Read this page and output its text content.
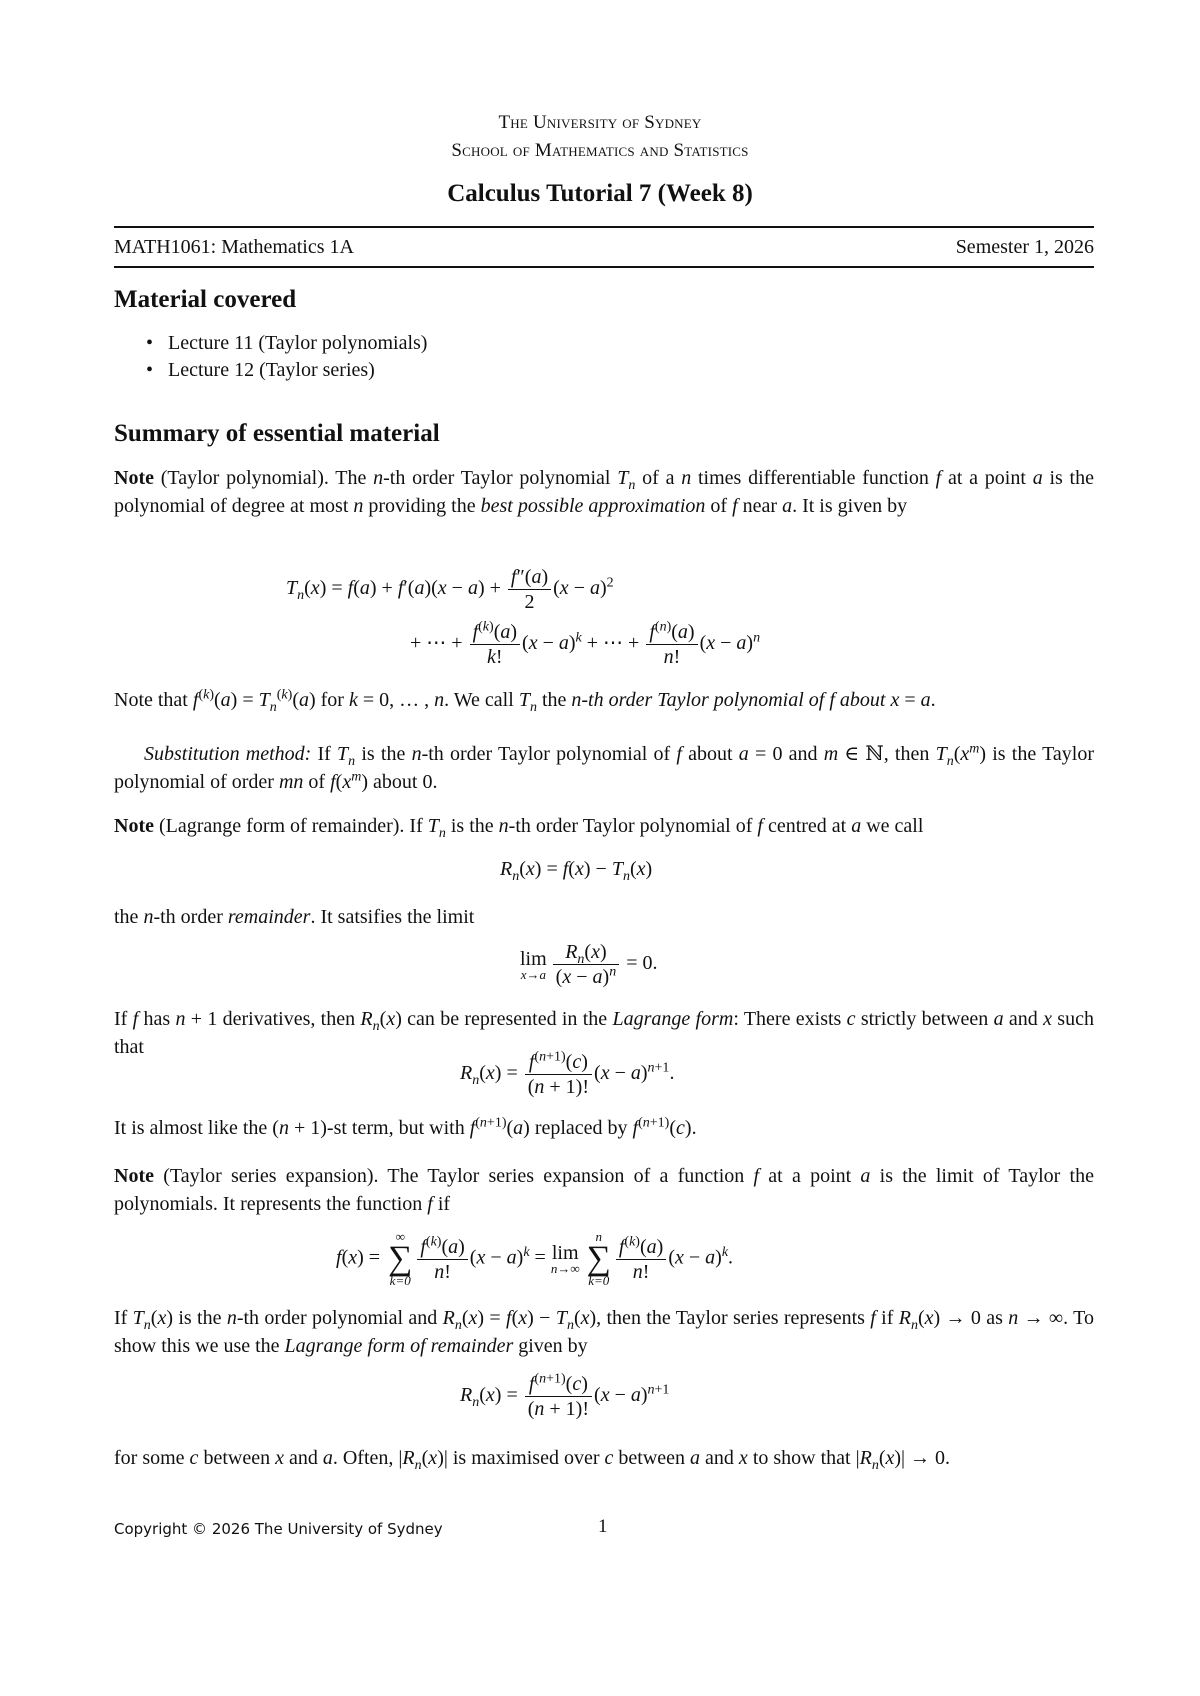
The University of Sydney
School of Mathematics and Statistics
Calculus Tutorial 7 (Week 8)
MATH1061: Mathematics 1A	Semester 1, 2026
Material covered
• Lecture 11 (Taylor polynomials)
• Lecture 12 (Taylor series)
Summary of essential material
Note (Taylor polynomial). The n-th order Taylor polynomial $T_n$ of a n times differentiable function f at a point a is the polynomial of degree at most n providing the best possible approximation of f near a. It is given by
$T_n(x) = f(a) + f'(a)(x - a) + \frac{f''(a)}{2} (x - a)^2$
+ ⋯ + $\frac{f^{(k)}(a)}{k!} (x - a)^k$ + ⋯ + $\frac{f^{(n)}(a)}{n!} (x - a)^n$
Note that $f^{(k)}(a) = T_n^{(k)}(a)$ for k = 0, … , n. We call $T_n$ the n-th order Taylor polynomial of f about x = a.
Substitution method: If $T_n$ is the n-th order Taylor polynomial of f about a = 0 and m ∈ ℕ, then $T_n(x^m)$ is the Taylor polynomial of order mn of $f(x^m)$ about 0.
Note (Lagrange form of remainder). If $T_n$ is the n-th order Taylor polynomial of f centred at a we call
$R_n(x) = f(x) - T_n(x)$
the n-th order remainder. It satsifies the limit
lim
$x\to a \frac{R_n(x)}{(x - a)^n} = 0$.
If f has n + 1 derivatives, then $R_n(x)$ can be represented in the Lagrange form: There exists c strictly between a and x such that
$R_n(x) = \frac{f^{(n+1)}(c)}{(n + 1)!} (x - a)^{n+1}$.
It is almost like the (n + 1)-st term, but with $f^{(n+1)}(a)$ replaced by $f^{(n+1)}(c)$.
Note (Taylor series expansion). The Taylor series expansion of a function f at a point a is the limit of Taylor the polynomials. It represents the function f if
f(x) =
∞
∑
$k=0 \frac{f^{(k)}(a)}{n!} (x - a)^k = \lim$
n→∞
n
∑
$k=0 \frac{f^{(k)}(a)}{n!} (x - a)^k$.
If $T_n(x)$ is the n-th order polynomial and $R_n(x) = f(x) - T_n(x)$, then the Taylor series represents f if $R_n(x) \to 0$ as n → ∞. To show this we use the Lagrange form of remainder given by
$R_n(x) = \frac{f^{(n+1)}(c)}{(n + 1)!} (x - a)^{n+1}$
for some c between x and a. Often, $|R_n(x)|$ is maximised over c between a and x to show that $|R_n(x)| \to 0$.
Copyright © 2026 The University of Sydney	1
